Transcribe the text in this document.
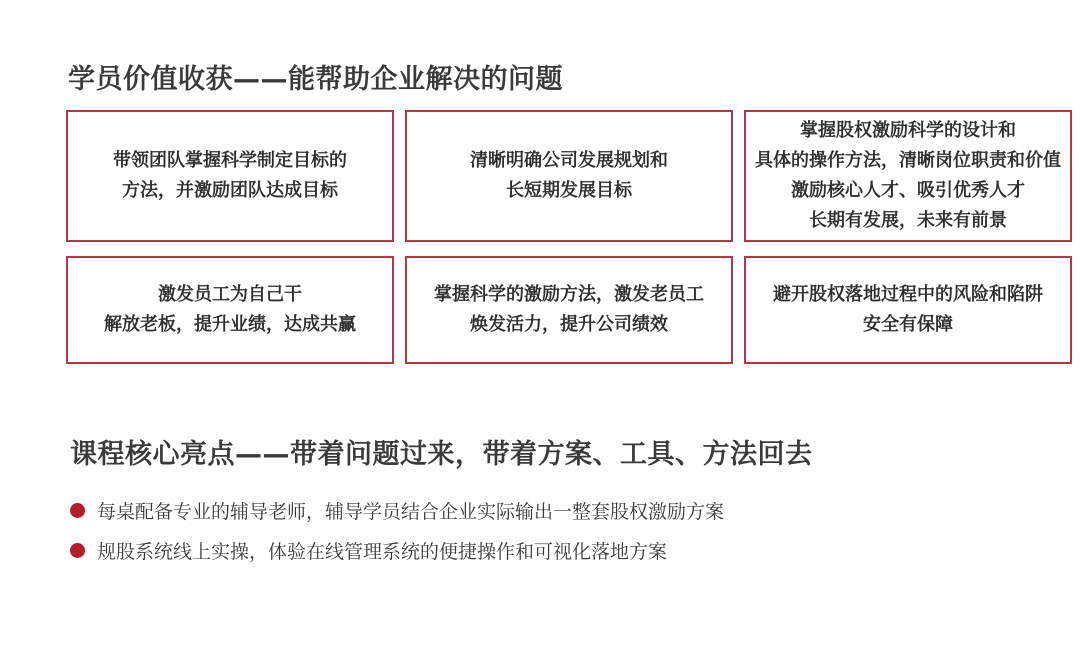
学员价值收获——能帮助企业解决的问题
带领团队掌握科学制定目标的
方法，并激励团队达成目标
清晰明确公司发展规划和
长短期发展目标
掌握股权激励科学的设计和
具体的操作方法，清晰岗位职责和价值
激励核心人才、吸引优秀人才
长期有发展，未来有前景
激发员工为自己干
解放老板，提升业绩，达成共赢
掌握科学的激励方法，激发老员工
焕发活力，提升公司绩效
避开股权落地过程中的风险和陷阱
安全有保障
课程核心亮点——带着问题过来，带着方案、工具、方法回去
每桌配备专业的辅导老师，辅导学员结合企业实际输出一整套股权激励方案
规股系统线上实操，体验在线管理系统的便捷操作和可视化落地方案
